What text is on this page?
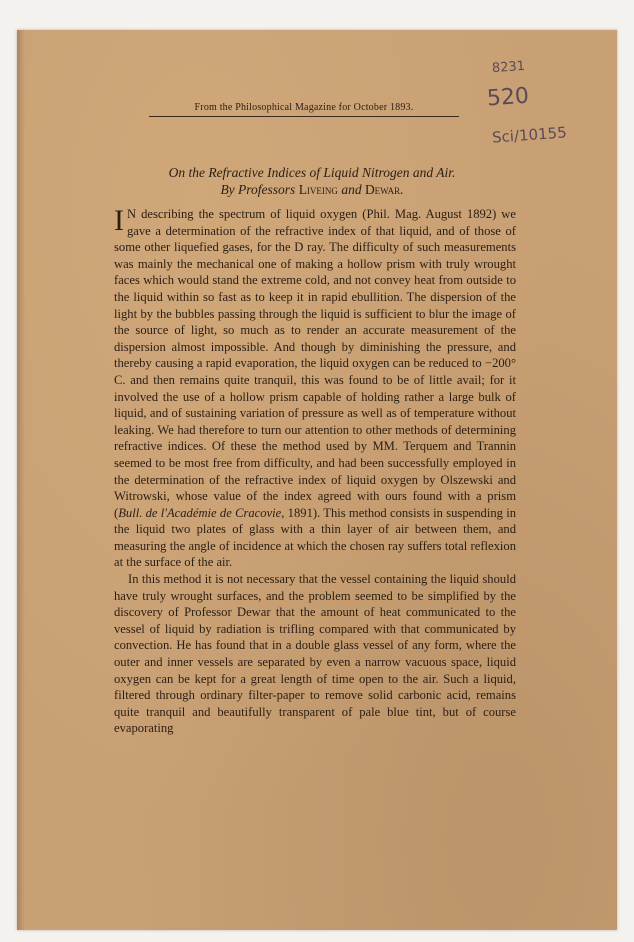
From the Philosophical Magazine for October 1893.
8231
520
Sci/10155
On the Refractive Indices of Liquid Nitrogen and Air.
By Professors Liveing and Dewar.

I N describing the spectrum of liquid oxygen (Phil. Mag. August 1892) we gave a determination of the refractive index of that liquid, and of those of some other liquefied gases, for the D ray. The difficulty of such measurements was mainly the mechanical one of making a hollow prism with truly wrought faces which would stand the extreme cold, and not convey heat from outside to the liquid within so fast as to keep it in rapid ebullition. The dispersion of the light by the bubbles passing through the liquid is sufficient to blur the image of the source of light, so much as to render an accurate measurement of the dispersion almost impossible. And though by diminishing the pressure, and thereby causing a rapid evaporation, the liquid oxygen can be reduced to −200° C. and then remains quite tranquil, this was found to be of little avail; for it involved the use of a hollow prism capable of holding rather a large bulk of liquid, and of sustaining variation of pressure as well as of temperature without leaking. We had therefore to turn our attention to other methods of determining refractive indices. Of these the method used by MM. Terquem and Trannin seemed to be most free from difficulty, and had been successfully employed in the determination of the refractive index of liquid oxygen by Olszewski and Witrowski, whose value of the index agreed with ours found with a prism (Bull. de l'Académie de Cracovie, 1891). This method consists in suspending in the liquid two plates of glass with a thin layer of air between them, and measuring the angle of incidence at which the chosen ray suffers total reflexion at the surface of the air.

In this method it is not necessary that the vessel containing the liquid should have truly wrought surfaces, and the problem seemed to be simplified by the discovery of Professor Dewar that the amount of heat communicated to the vessel of liquid by radiation is trifling compared with that communicated by convection. He has found that in a double glass vessel of any form, where the outer and inner vessels are separated by even a narrow vacuous space, liquid oxygen can be kept for a great length of time open to the air. Such a liquid, filtered through ordinary filter-paper to remove solid carbonic acid, remains quite tranquil and beautifully transparent of pale blue tint, but of course evaporating
